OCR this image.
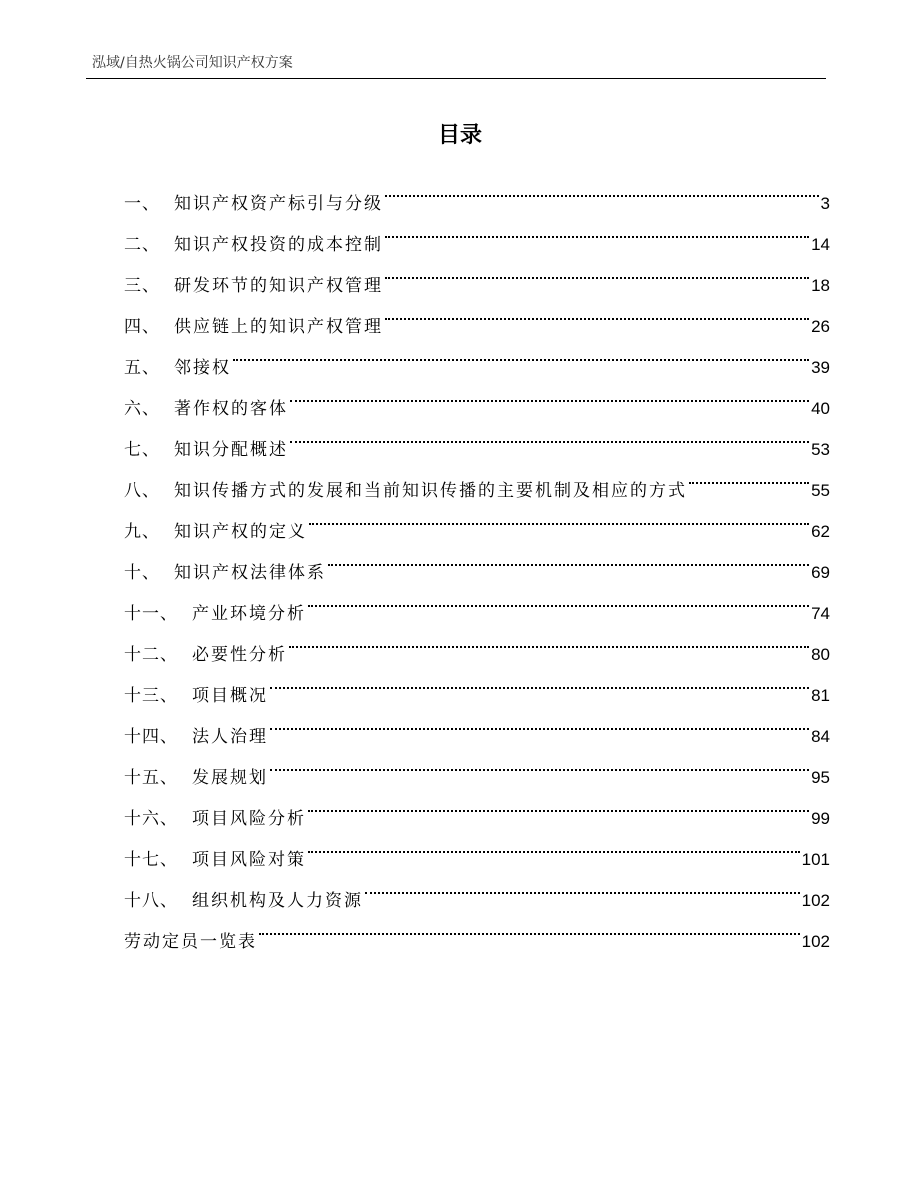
泓域/自热火锅公司知识产权方案
目录
一、 知识产权资产标引与分级	3
二、 知识产权投资的成本控制	14
三、 研发环节的知识产权管理	18
四、 供应链上的知识产权管理	26
五、 邻接权	39
六、 著作权的客体	40
七、 知识分配概述	53
八、 知识传播方式的发展和当前知识传播的主要机制及相应的方式	55
九、 知识产权的定义	62
十、 知识产权法律体系	69
十一、 产业环境分析	74
十二、 必要性分析	80
十三、 项目概况	81
十四、 法人治理	84
十五、 发展规划	95
十六、 项目风险分析	99
十七、 项目风险对策	101
十八、 组织机构及人力资源	102
劳动定员一览表	102
